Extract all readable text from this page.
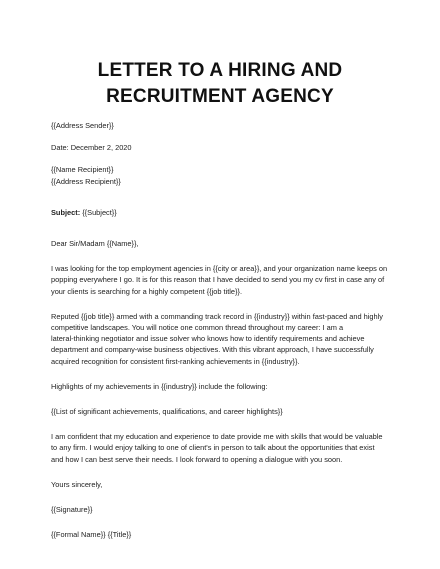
LETTER TO A HIRING AND RECRUITMENT AGENCY
{{Address Sender}}
Date: December 2, 2020
{{Name Recipient}}
{{Address Recipient}}
Subject: {{Subject}}
Dear Sir/Madam {{Name}},
I was looking for the top employment agencies in {{city or area}}, and your organization name keeps on
popping everywhere I go. It is for this reason that I have decided to send you my cv first in case any of
your clients is searching for a highly competent {{job title}}.
Reputed {{job title}} armed with a commanding track record in {{industry}} within fast-paced and highly
competitive landscapes. You will notice one common thread throughout my career: I am a
lateral-thinking negotiator and issue solver who knows how to identify requirements and achieve
department and company-wise business objectives. With this vibrant approach, I have successfully
acquired recognition for consistent first-ranking achievements in {{industry}}.
Highlights of my achievements in {{industry}} include the following:
{{List of significant achievements, qualifications, and career highlights}}
I am confident that my education and experience to date provide me with skills that would be valuable
to any firm. I would enjoy talking to one of client's in person to talk about the opportunities that exist
and how I can best serve their needs. I look forward to opening a dialogue with you soon.
Yours sincerely,
{{Signature}}
{{Formal Name}} {{Title}}
